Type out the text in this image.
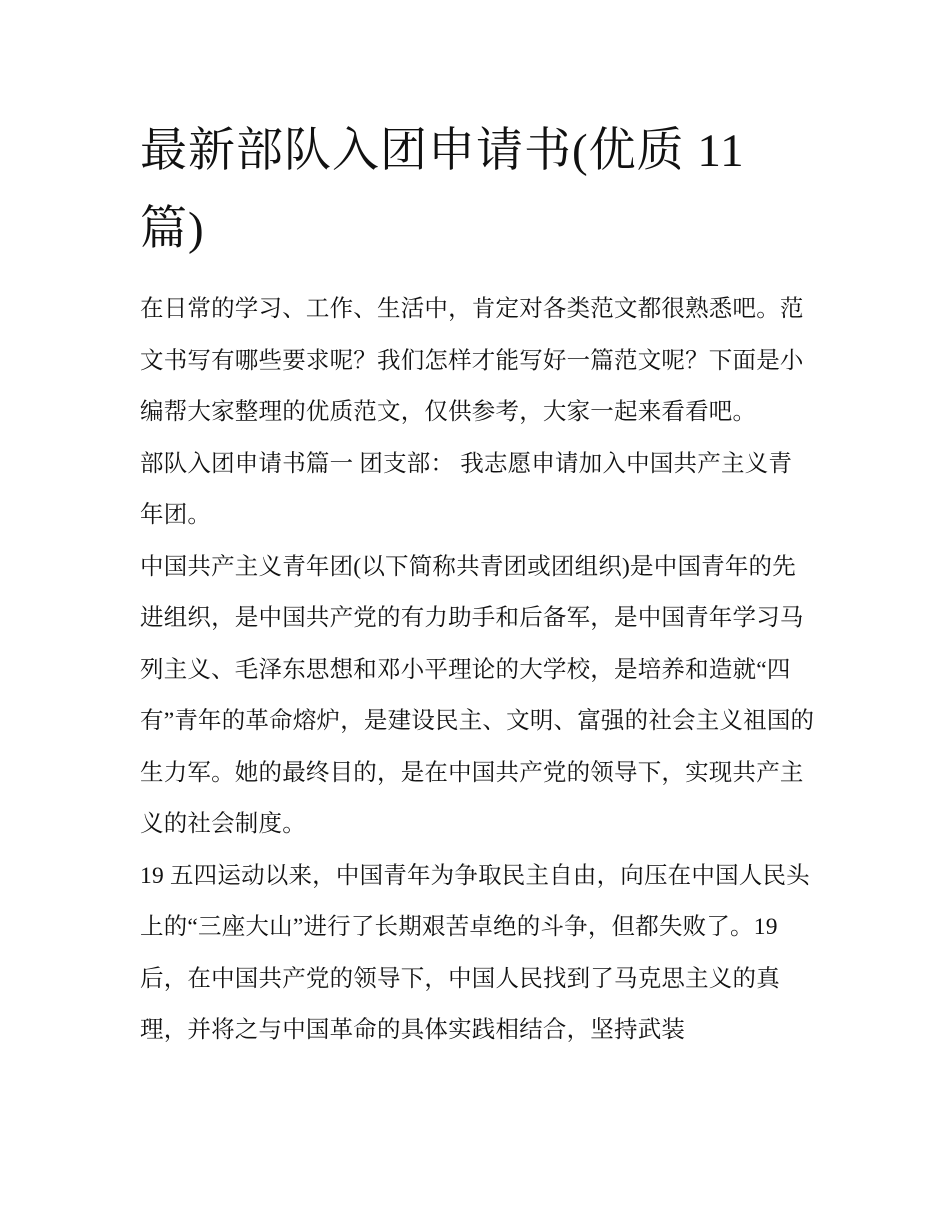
最新部队入团申请书(优质 11 篇)

在日常的学习、工作、生活中，肯定对各类范文都很熟悉吧。范文书写有哪些要求呢？我们怎样才能写好一篇范文呢？下面是小编帮大家整理的优质范文，仅供参考，大家一起来看看吧。

部队入团申请书篇一 团支部： 我志愿申请加入中国共产主义青年团。

中国共产主义青年团(以下简称共青团或团组织)是中国青年的先进组织，是中国共产党的有力助手和后备军，是中国青年学习马列主义、毛泽东思想和邓小平理论的大学校，是培养和造就“四有”青年的革命熔炉，是建设民主、文明、富强的社会主义祖国的生力军。她的最终目的，是在中国共产党的领导下，实现共产主义的社会制度。

19 五四运动以来，中国青年为争取民主自由，向压在中国人民头上的“三座大山”进行了长期艰苦卓绝的斗争，但都失败了。19 后，在中国共产党的领导下，中国人民找到了马克思主义的真理，并将之与中国革命的具体实践相结合，坚持武装
